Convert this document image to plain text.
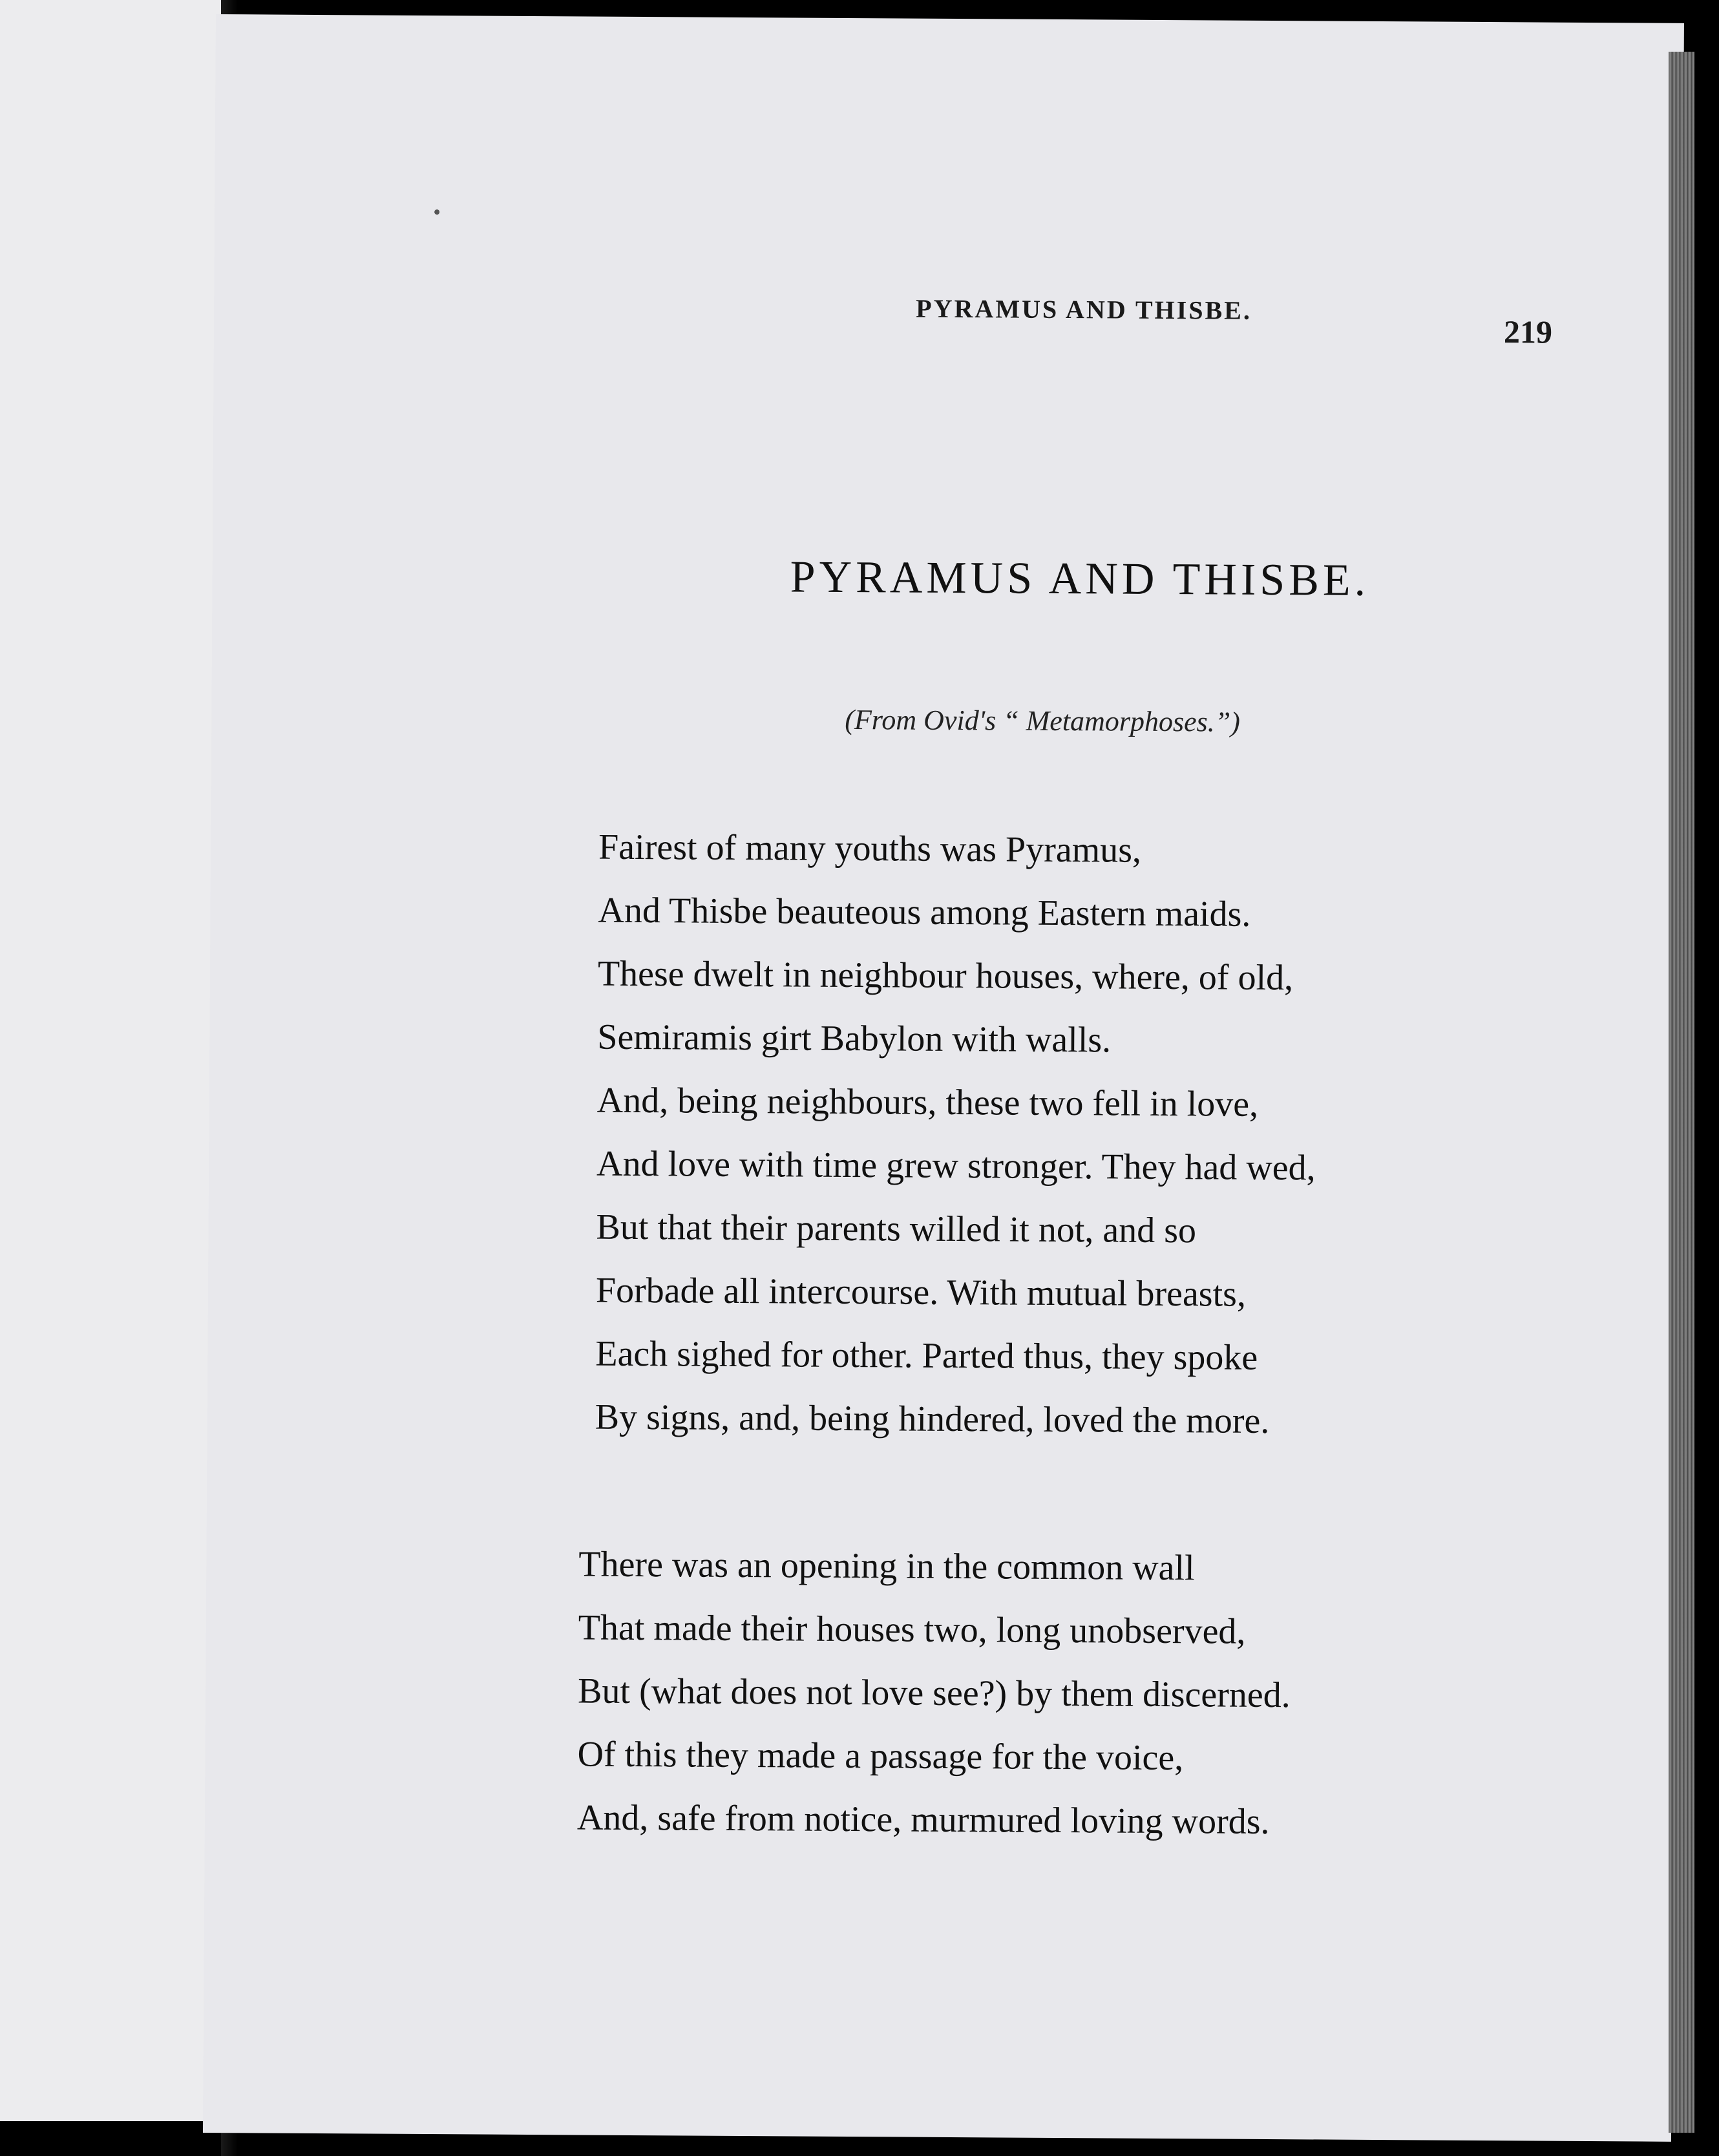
PYRAMUS AND THISBE.
219
PYRAMUS AND THISBE.
(From Ovid's “ Metamorphoses.”)
Fairest of many youths was Pyramus,
And Thisbe beauteous among Eastern maids.
These dwelt in neighbour houses, where, of old,
Semiramis girt Babylon with walls.
And, being neighbours, these two fell in love,
And love with time grew stronger. They had wed,
But that their parents willed it not, and so
Forbade all intercourse. With mutual breasts,
Each sighed for other. Parted thus, they spoke
By signs, and, being hindered, loved the more.
There was an opening in the common wall
That made their houses two, long unobserved,
But (what does not love see?) by them discerned.
Of this they made a passage for the voice,
And, safe from notice, murmured loving words.
